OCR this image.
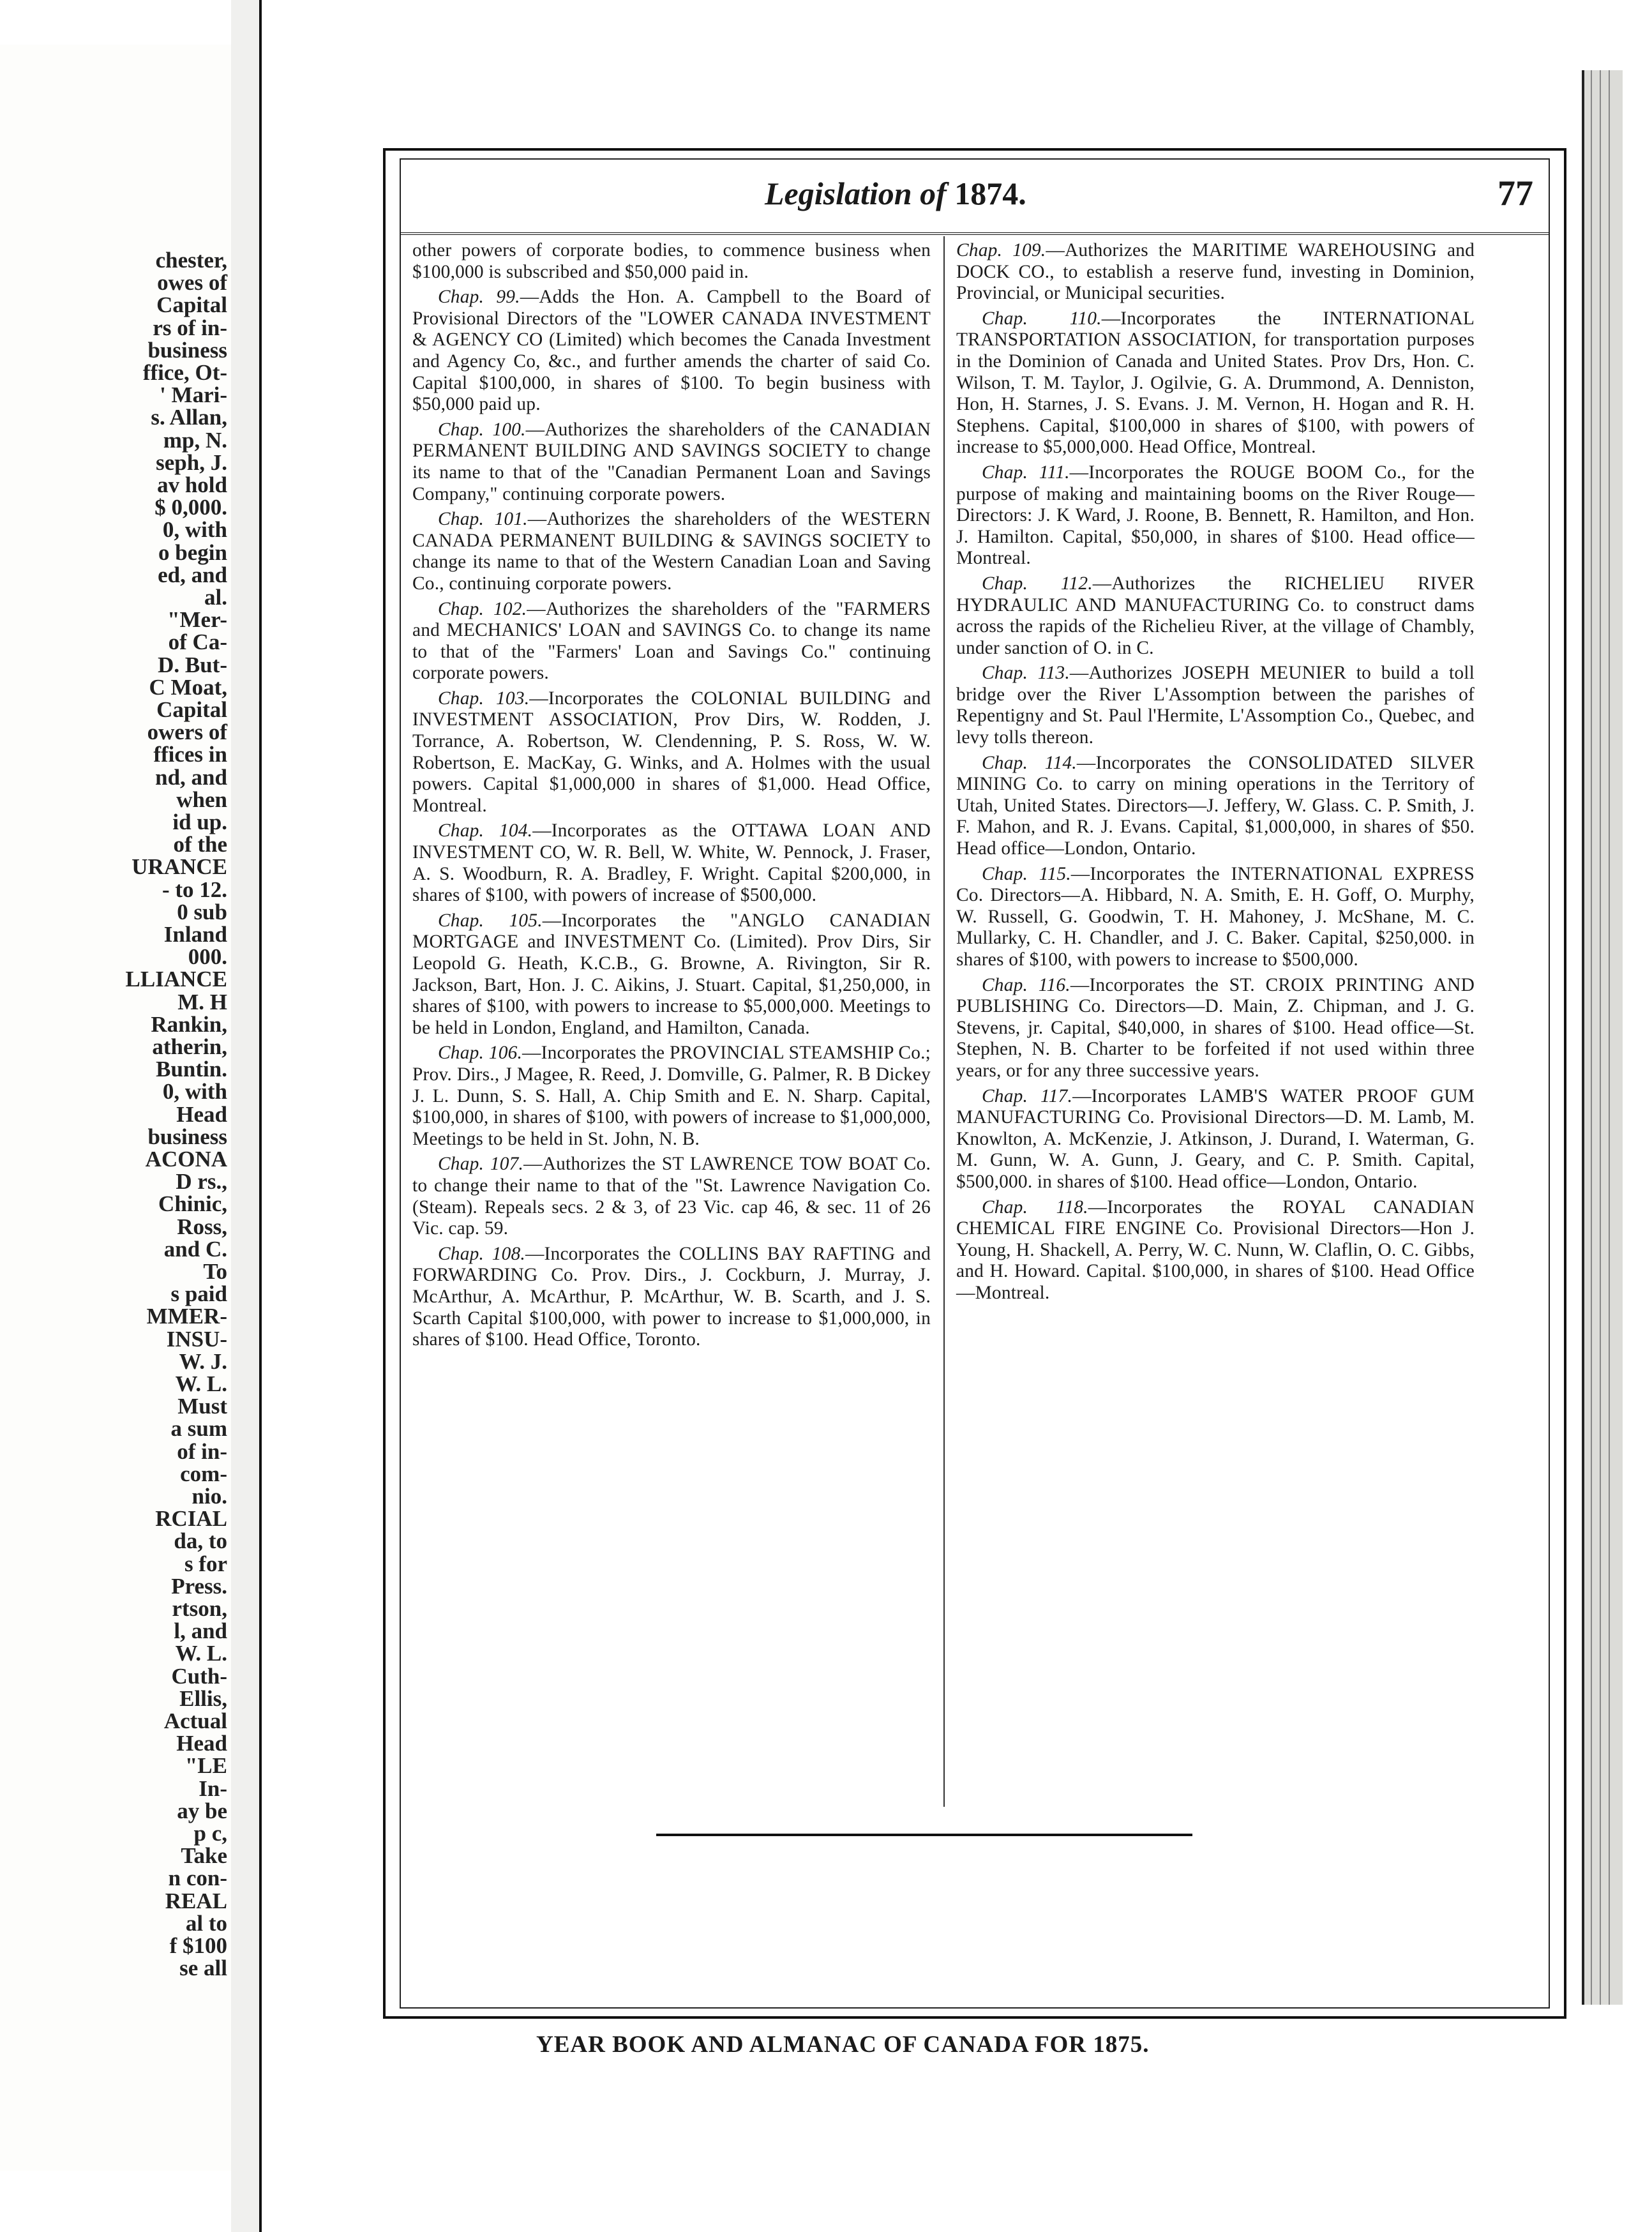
chester,
owes of
Capital
rs of in-
business
ffice, Ot-
' Mari-
s. Allan,
mp, N.
seph, J.
av hold
$ 0,000.
0, with
o begin
ed, and
al.
"Mer-
of Ca-
D. But-
C Moat,
Capital
owers of
ffices in
nd, and
when
id up.
of the
URANCE
- to 12.
0 sub
Inland
000.
LLIANCE
M. H
Rankin,
atherin,
Buntin.
0, with
Head
business
ACONA
D rs.,
Chinic,
Ross,
and C.
To
s paid
MMER-
INSU-
W. J.
W. L.
Must
a sum
of in-
com-
nio.
RCIAL
da, to
s for
Press.
rtson,
l, and
W. L.
Cuth-
Ellis,
Actual
Head
"LE
In-
ay be
p c,
Take
n con-
REAL
al to
f $100
se all
Legislation of 1874.	77

other powers of corporate bodies, to commence business when $100,000 is subscribed and $50,000 paid in.

Chap. 99.—Adds the Hon. A. Campbell to the Board of Provisional Directors of the "LOWER CANADA INVESTMENT & AGENCY CO (Limited) which becomes the Canada Investment and Agency Co, &c., and further amends the charter of said Co. Capital $100,000, in shares of $100. To begin business with $50,000 paid up.

Chap. 100.—Authorizes the shareholders of the CANADIAN PERMANENT BUILDING AND SAVINGS SOCIETY to change its name to that of the "Canadian Permanent Loan and Savings Company," continuing corporate powers.

Chap. 101.—Authorizes the shareholders of the WESTERN CANADA PERMANENT BUILDING & SAVINGS SOCIETY to change its name to that of the Western Canadian Loan and Saving Co., continuing corporate powers.

Chap. 102.—Authorizes the shareholders of the "FARMERS and MECHANICS' LOAN and SAVINGS Co. to change its name to that of the "Farmers' Loan and Savings Co." continuing corporate powers.

Chap. 103.—Incorporates the COLONIAL BUILDING and INVESTMENT ASSOCIATION, Prov Dirs, W. Rodden, J. Torrance, A. Robertson, W. Clendenning, P. S. Ross, W. W. Robertson, E. MacKay, G. Winks, and A. Holmes with the usual powers. Capital $1,000,000 in shares of $1,000. Head Office, Montreal.

Chap. 104.—Incorporates as the OTTAWA LOAN AND INVESTMENT CO, W. R. Bell, W. White, W. Pennock, J. Fraser, A. S. Woodburn, R. A. Bradley, F. Wright. Capital $200,000, in shares of $100, with powers of increase of $500,000.

Chap. 105.—Incorporates the "ANGLO CANADIAN MORTGAGE and INVESTMENT Co. (Limited). Prov Dirs, Sir Leopold G. Heath, K.C.B., G. Browne, A. Rivington, Sir R. Jackson, Bart, Hon. J. C. Aikins, J. Stuart. Capital, $1,250,000, in shares of $100, with powers to increase to $5,000,000. Meetings to be held in London, England, and Hamilton, Canada.

Chap. 106.—Incorporates the PROVINCIAL STEAMSHIP Co.; Prov. Dirs., J Magee, R. Reed, J. Domville, G. Palmer, R. B Dickey J. L. Dunn, S. S. Hall, A. Chip Smith and E. N. Sharp. Capital, $100,000, in shares of $100, with powers of increase to $1,000,000, Meetings to be held in St. John, N. B.

Chap. 107.—Authorizes the ST LAWRENCE TOW BOAT Co. to change their name to that of the "St. Lawrence Navigation Co. (Steam). Repeals secs. 2 & 3, of 23 Vic. cap 46, & sec. 11 of 26 Vic. cap. 59.

Chap. 108.—Incorporates the COLLINS BAY RAFTING and FORWARDING Co. Prov. Dirs., J. Cockburn, J. Murray, J. McArthur, A. McArthur, P. McArthur, W. B. Scarth, and J. S. Scarth Capital $100,000, with power to increase to $1,000,000, in shares of $100. Head Office, Toronto.

Chap. 109.—Authorizes the MARITIME WAREHOUSING and DOCK CO., to establish a reserve fund, investing in Dominion, Provincial, or Municipal securities.

Chap. 110.—Incorporates the INTERNATIONAL TRANSPORTATION ASSOCIATION, for transportation purposes in the Dominion of Canada and United States. Prov Drs, Hon. C. Wilson, T. M. Taylor, J. Ogilvie, G. A. Drummond, A. Denniston, Hon, H. Starnes, J. S. Evans. J. M. Vernon, H. Hogan and R. H. Stephens. Capital, $100,000 in shares of $100, with powers of increase to $5,000,000. Head Office, Montreal.

Chap. 111.—Incorporates the ROUGE BOOM Co., for the purpose of making and maintaining booms on the River Rouge—Directors: J. K Ward, J. Roone, B. Bennett, R. Hamilton, and Hon. J. Hamilton. Capital, $50,000, in shares of $100. Head office—Montreal.

Chap. 112.—Authorizes the RICHELIEU RIVER HYDRAULIC AND MANUFACTURING Co. to construct dams across the rapids of the Richelieu River, at the village of Chambly, under sanction of O. in C.

Chap. 113.—Authorizes JOSEPH MEUNIER to build a toll bridge over the River L'Assomption between the parishes of Repentigny and St. Paul l'Hermite, L'Assomption Co., Quebec, and levy tolls thereon.

Chap. 114.—Incorporates the CONSOLIDATED SILVER MINING Co. to carry on mining operations in the Territory of Utah, United States. Directors—J. Jeffery, W. Glass. C. P. Smith, J. F. Mahon, and R. J. Evans. Capital, $1,000,000, in shares of $50. Head office—London, Ontario.

Chap. 115.—Incorporates the INTERNATIONAL EXPRESS Co. Directors—A. Hibbard, N. A. Smith, E. H. Goff, O. Murphy, W. Russell, G. Goodwin, T. H. Mahoney, J. McShane, M. C. Mullarky, C. H. Chandler, and J. C. Baker. Capital, $250,000. in shares of $100, with powers to increase to $500,000.

Chap. 116.—Incorporates the ST. CROIX PRINTING AND PUBLISHING Co. Directors—D. Main, Z. Chipman, and J. G. Stevens, jr. Capital, $40,000, in shares of $100. Head office—St. Stephen, N. B. Charter to be forfeited if not used within three years, or for any three successive years.

Chap. 117.—Incorporates LAMB'S WATER PROOF GUM MANUFACTURING Co. Provisional Directors—D. M. Lamb, M. Knowlton, A. McKenzie, J. Atkinson, J. Durand, I. Waterman, G. M. Gunn, W. A. Gunn, J. Geary, and C. P. Smith. Capital, $500,000. in shares of $100. Head office—London, Ontario.

Chap. 118.—Incorporates the ROYAL CANADIAN CHEMICAL FIRE ENGINE Co. Provisional Directors—Hon J. Young, H. Shackell, A. Perry, W. C. Nunn, W. Claflin, O. C. Gibbs, and H. Howard. Capital. $100,000, in shares of $100. Head Office—Montreal.

YEAR BOOK AND ALMANAC OF CANADA FOR 1875.
